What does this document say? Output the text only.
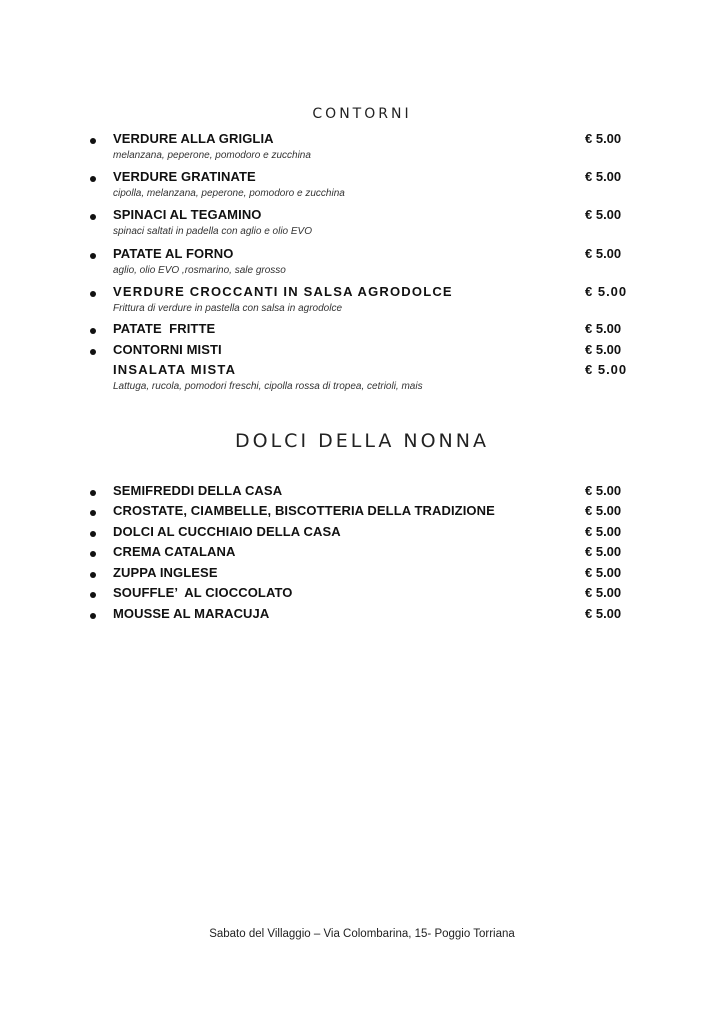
CONTORNI
VERDURE ALLA GRIGLIA	€ 5.00
melanzana, peperone, pomodoro e zucchina
VERDURE GRATINATE	€ 5.00
cipolla, melanzana, peperone, pomodoro e zucchina
SPINACI AL TEGAMINO	€ 5.00
spinaci saltati in padella con aglio e olio EVO
PATATE AL FORNO	€ 5.00
aglio, olio EVO ,rosmarino, sale grosso
VERDURE CROCCANTI IN SALSA AGRODOLCE	€ 5.00
Frittura di verdure in pastella con salsa in agrodolce
PATATE  FRITTE	€ 5.00
CONTORNI MISTI	€ 5.00
INSALATA MISTA	€ 5.00
Lattuga, rucola, pomodori freschi, cipolla rossa di tropea, cetrioli, mais
DOLCI DELLA NONNA
SEMIFREDDI DELLA CASA	€ 5.00
CROSTATE, CIAMBELLE, BISCOTTERIA DELLA TRADIZIONE	€ 5.00
DOLCI AL CUCCHIAIO DELLA CASA	€ 5.00
CREMA CATALANA	€ 5.00
ZUPPA INGLESE	€ 5.00
SOUFFLE’  AL CIOCCOLATO	€ 5.00
MOUSSE AL MARACUJA	€ 5.00
Sabato del Villaggio – Via Colombarina, 15- Poggio Torriana
